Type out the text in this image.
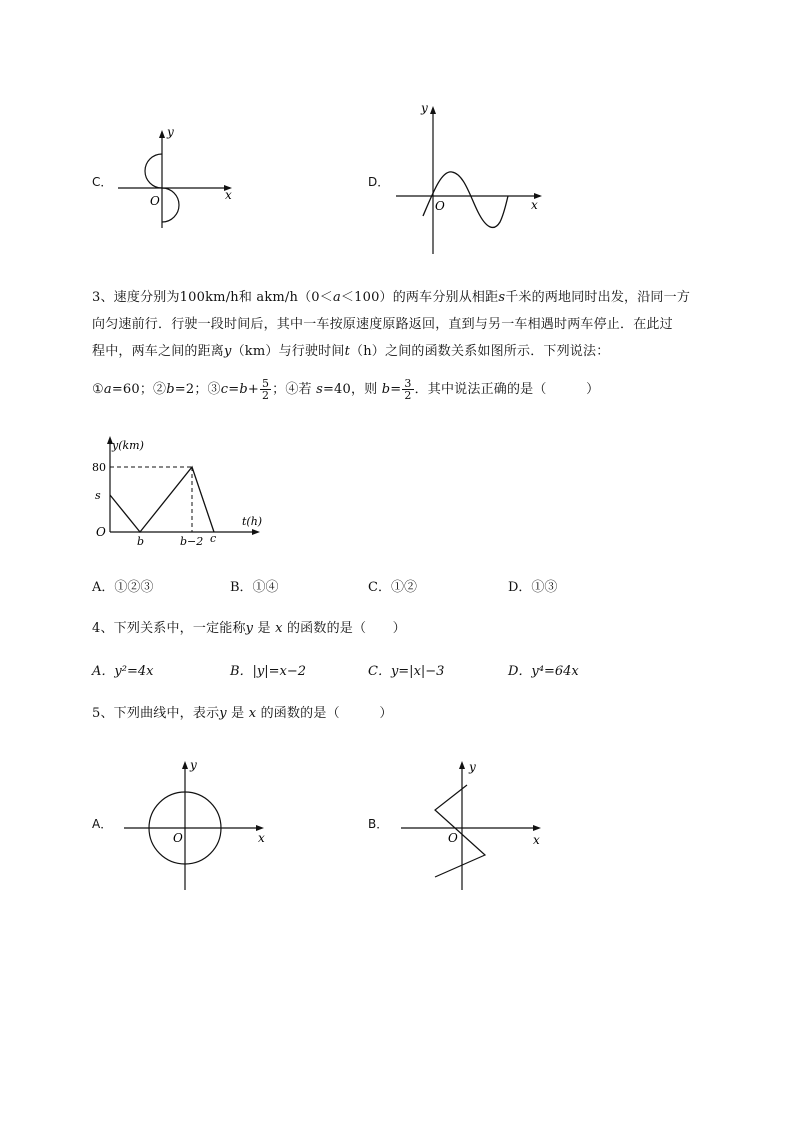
C．
y
x
O
D．
y
x
O
3、速度分别为100km/h和 akm/h（0＜a＜100）的两车分别从相距s千米的两地同时出发，沿同一方
向匀速前行．行驶一段时间后，其中一车按原速度原路返回，直到与另一车相遇时两车停止．在此过
程中，两车之间的距离y（km）与行驶时间t（h）之间的函数关系如图所示．下列说法：
①a=60；②b=2；③c=b+ $\frac{5}{2}$ ；④若 s=40，则 $b= \frac{3}{2}$ ．其中说法正确的是（　　　）
y(km)
t(h)
80
s
O
b	b−2 c
A．①②③	B．①④	C．①②	D．①③
4、下列关系中，一定能称y 是 x 的函数的是（　　）
A．y²=4x	B．|y|=x−2	C．y=|x|−3	D．y⁴=64x
5、下列曲线中，表示y 是 x 的函数的是（　　　）
A．
y
x
O
B．
y
x
O
